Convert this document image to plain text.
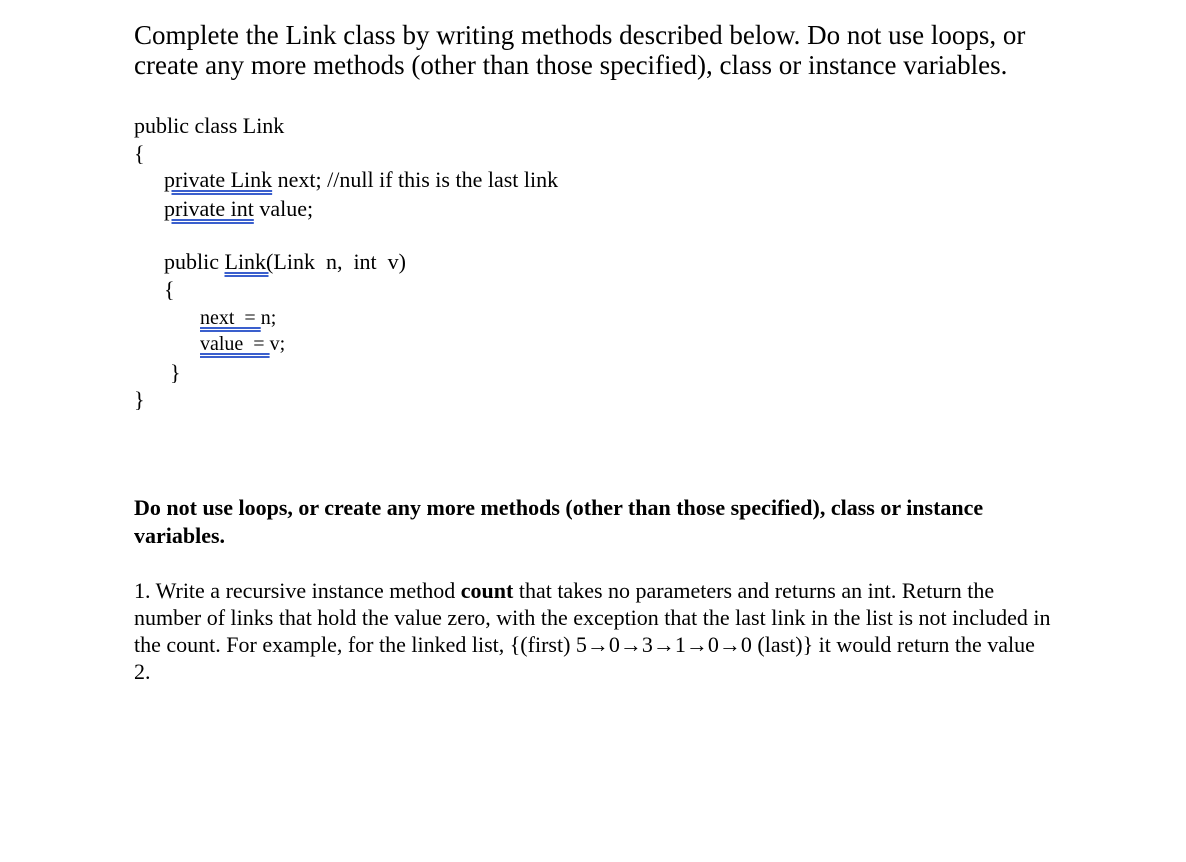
Complete the Link class by writing methods described below. Do not use loops, or
create any more methods (other than those specified), class or instance variables.
public class Link
{
private Link next; //null if this is the last link
private int value;
public Link(Link  n,  int  v)
{
next  = n;
value  = v;
}
}
Do not use loops, or create any more methods (other than those specified), class or instance variables.
1. Write a recursive instance method count that takes no parameters and returns an int. Return the number of links that hold the value zero, with the exception that the last link in the list is not included in the count. For example, for the linked list, {(first) 5→0→3→1→0→0 (last)} it would return the value 2.
